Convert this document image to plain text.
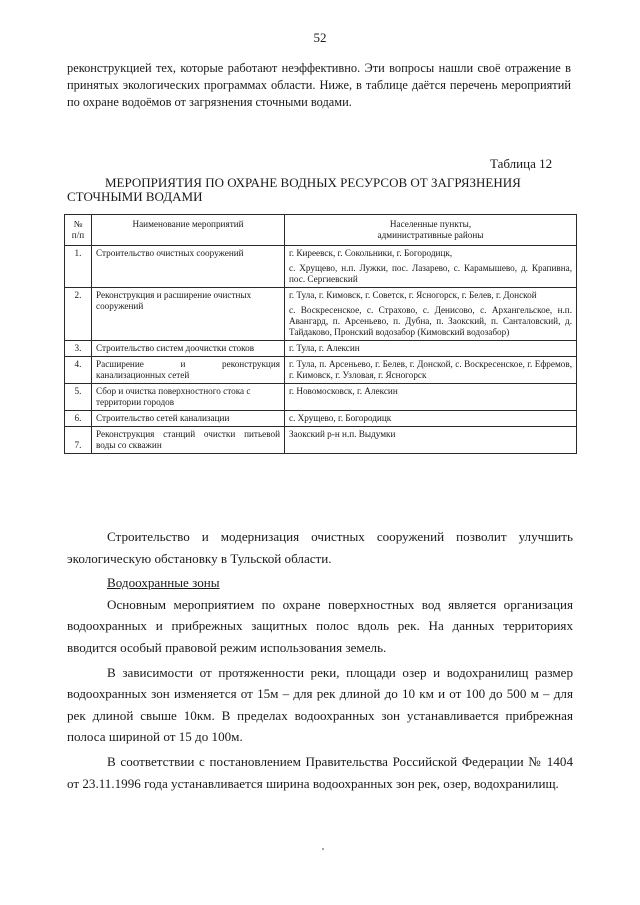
52

реконструкцией тех, которые работают неэффективно. Эти вопросы нашли своё отражение в принятых экологических программах области. Ниже, в таблице даётся перечень мероприятий по охране водоёмов от загрязнения сточными водами.

Таблица 12

МЕРОПРИЯТИЯ ПО ОХРАНЕ ВОДНЫХ РЕСУРСОВ ОТ ЗАГРЯЗНЕНИЯ СТОЧНЫМИ ВОДАМИ

№
п/п	Наименование мероприятий	Населенные пункты,
административные районы

1.	Строительство очистных сооружений	г. Киреевск, г. Сокольники, г. Богородицк,
с. Хрущево, н.п. Лужки, пос. Лазарево, с. Карамышево, д. Крапивна, пос. Сергиевский

2.	Реконструкция и расширение очистных сооружений	г. Тула, г. Кимовск, г. Советск, г. Ясногорск, г. Белев, г. Донской
с. Воскресенское, с. Страхово, с. Денисово, с. Архангельское, н.п. Авангард, п. Арсеньево, п. Дубна, п. Заокский, п. Санталовский, д. Тайдаково, Пронский водозабор (Кимовский водозабор)

3.	Строительство систем доочистки стоков	г. Тула, г. Алексин

4.	Расширение и реконструкция канализационных сетей	г. Тула, п. Арсеньево, г. Белев, г. Донской, с. Воскресенское, г. Ефремов, г. Кимовск, г. Узловая, г. Ясногорск

5.	Сбор и очистка поверхностного стока с территории городов	г. Новомосковск, г. Алексин

6.	Строительство сетей канализации	с. Хрущево, г. Богородицк

7.	Реконструкция станций очистки питьевой воды со скважин	Заокский р-н н.п. Выдумки

Строительство и модернизация очистных сооружений позволит улучшить экологическую обстановку в Тульской области.

Водоохранные зоны

Основным мероприятием по охране поверхностных вод является организация водоохранных и прибрежных защитных полос вдоль рек. На данных территориях вводится особый правовой режим использования земель.

В зависимости от протяженности реки, площади озер и водохранилищ размер водоохранных зон изменяется от 15м – для рек длиной до 10 км и от 100 до 500 м – для рек длиной свыше 10км. В пределах водоохранных зон устанавливается прибрежная полоса шириной от 15 до 100м.

В соответствии с постановлением Правительства Российской Федерации № 1404 от 23.11.1996 года устанавливается ширина водоохранных зон рек, озер, водохранилищ.
